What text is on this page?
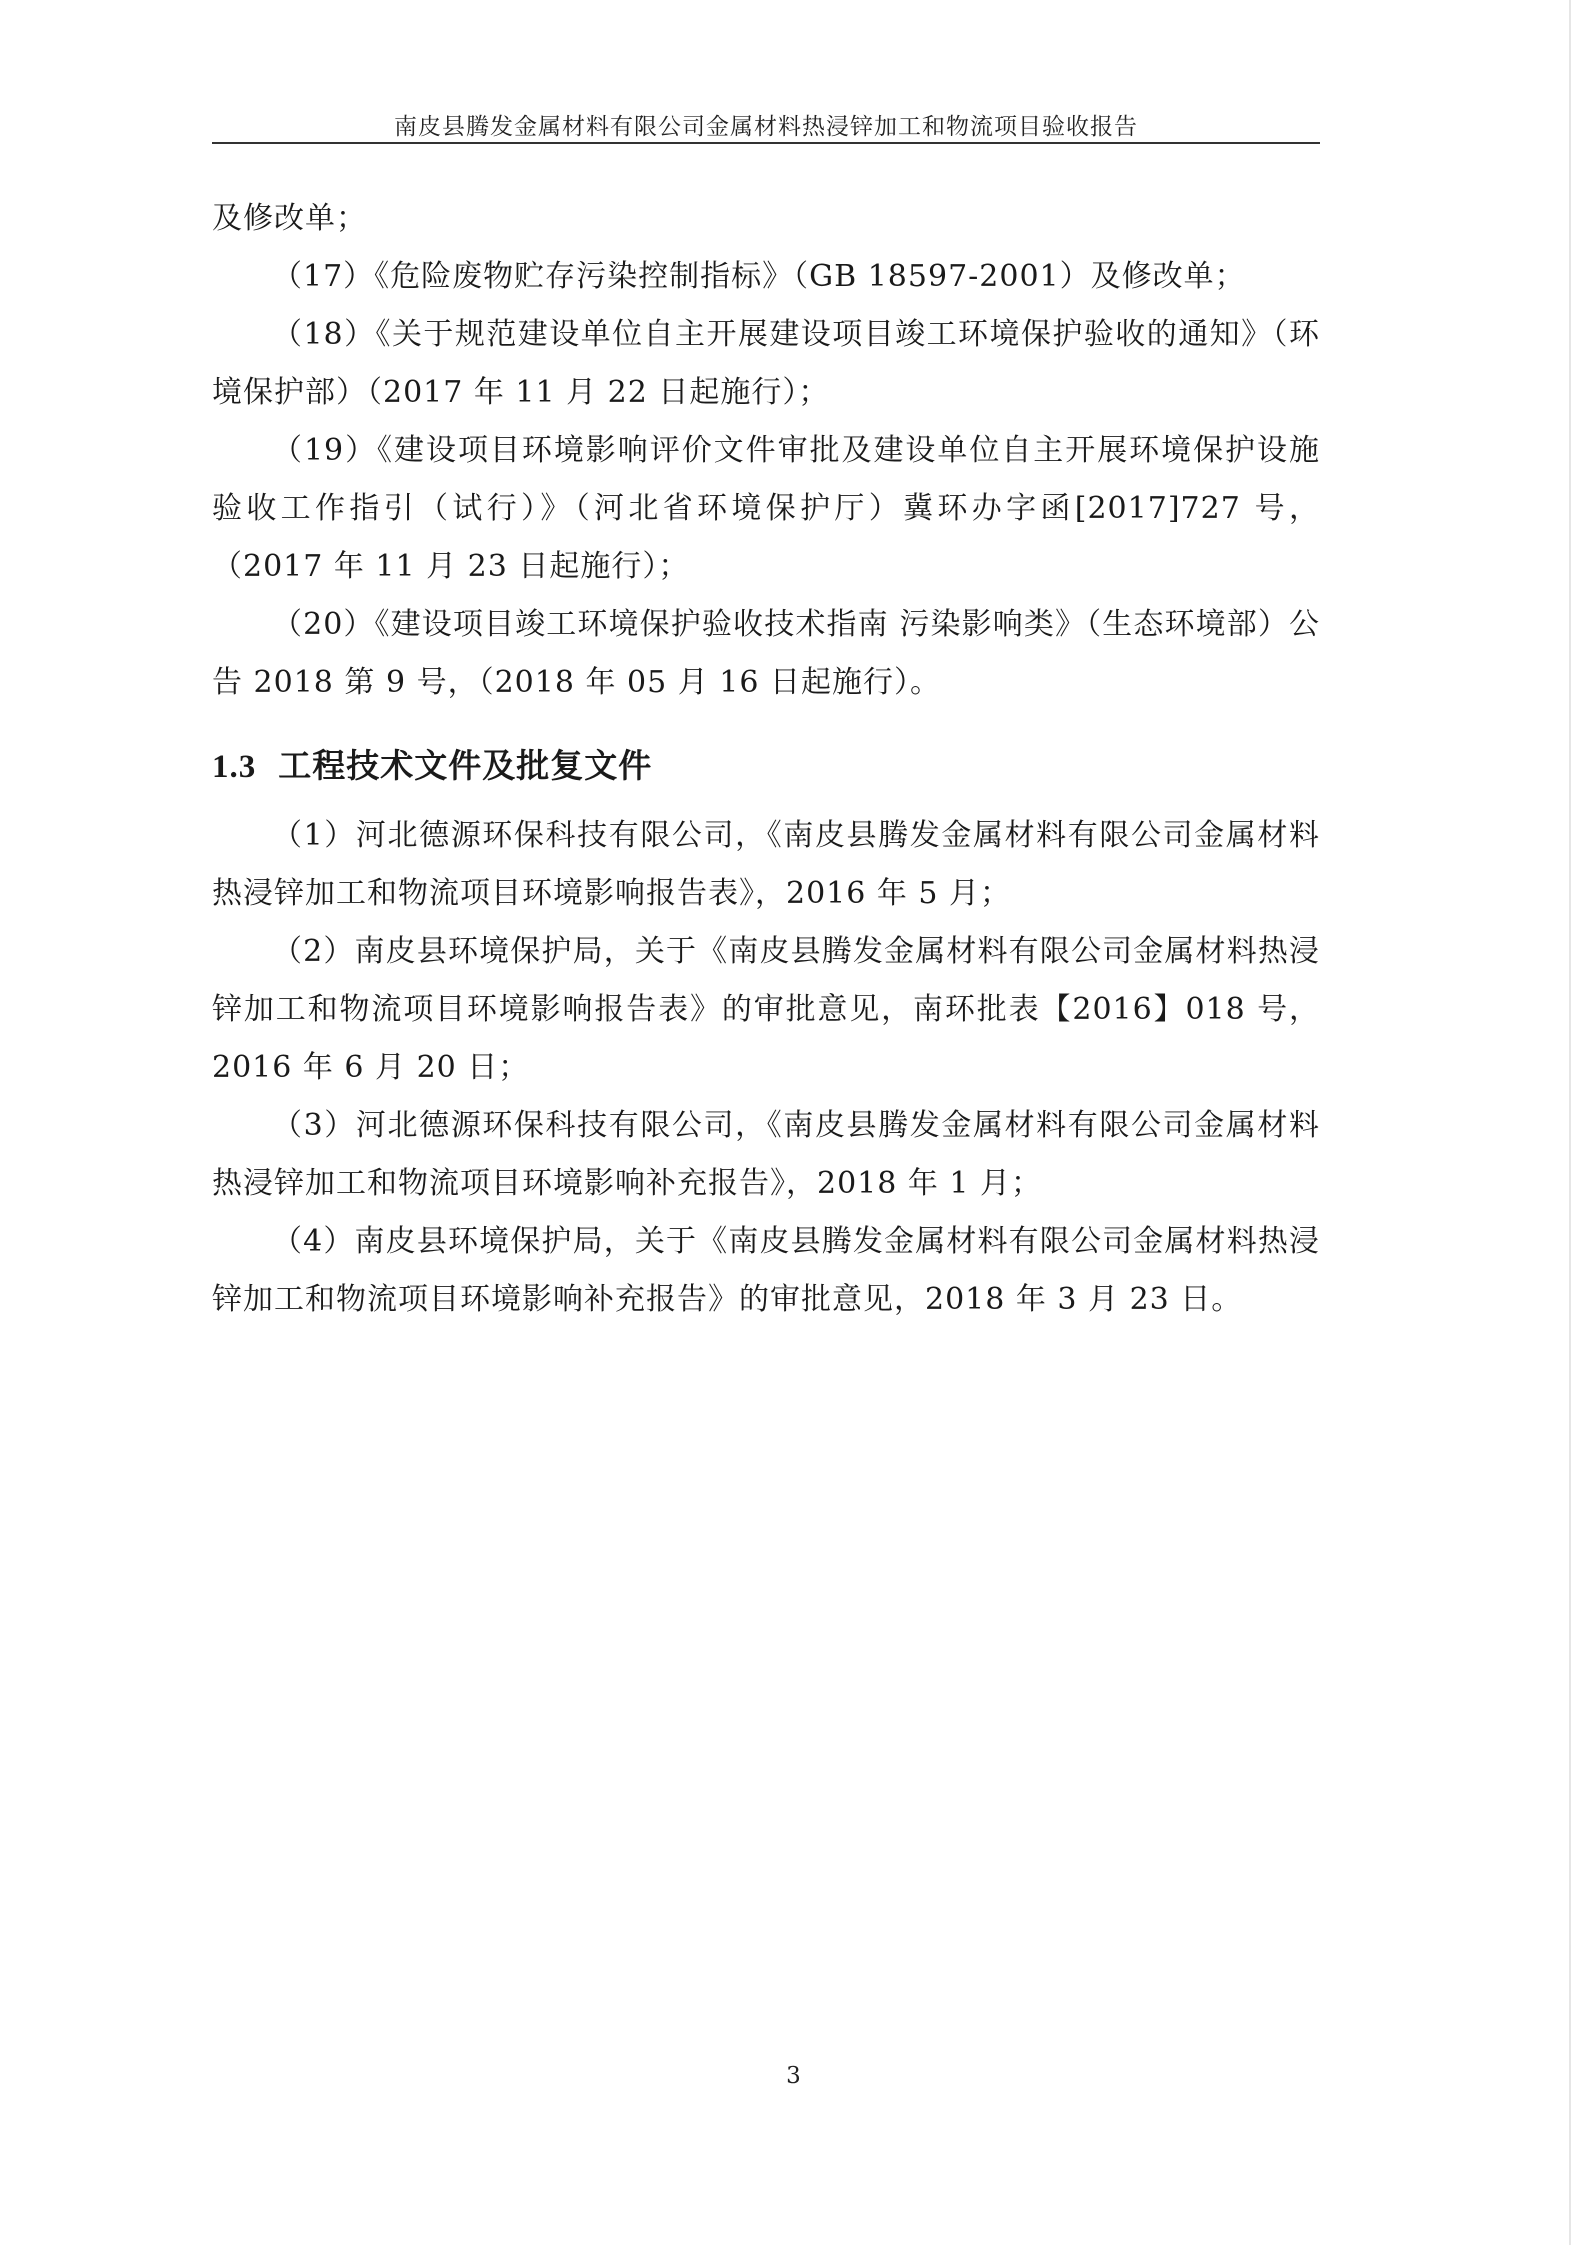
南皮县腾发金属材料有限公司金属材料热浸锌加工和物流项目验收报告

及修改单；

（17）《危险废物贮存污染控制指标》（GB 18597-2001）及修改单；

（18）《关于规范建设单位自主开展建设项目竣工环境保护验收的通知》（环境保护部）（2017 年 11 月 22 日起施行）；

（19）《建设项目环境影响评价文件审批及建设单位自主开展环境保护设施验收工作指引（试行）》（河北省环境保护厅）冀环办字函[2017]727 号，（2017 年 11 月 23 日起施行）；

（20）《建设项目竣工环境保护验收技术指南 污染影响类》（生态环境部）公告 2018 第 9 号，（2018 年 05 月 16 日起施行）。

1.3 工程技术文件及批复文件

（1）河北德源环保科技有限公司，《南皮县腾发金属材料有限公司金属材料热浸锌加工和物流项目环境影响报告表》，2016 年 5 月；

（2）南皮县环境保护局，关于《南皮县腾发金属材料有限公司金属材料热浸锌加工和物流项目环境影响报告表》的审批意见，南环批表【2016】018 号，2016 年 6 月 20 日；

（3）河北德源环保科技有限公司，《南皮县腾发金属材料有限公司金属材料热浸锌加工和物流项目环境影响补充报告》，2018 年 1 月；

（4）南皮县环境保护局，关于《南皮县腾发金属材料有限公司金属材料热浸锌加工和物流项目环境影响补充报告》的审批意见，2018 年 3 月 23 日。

3
